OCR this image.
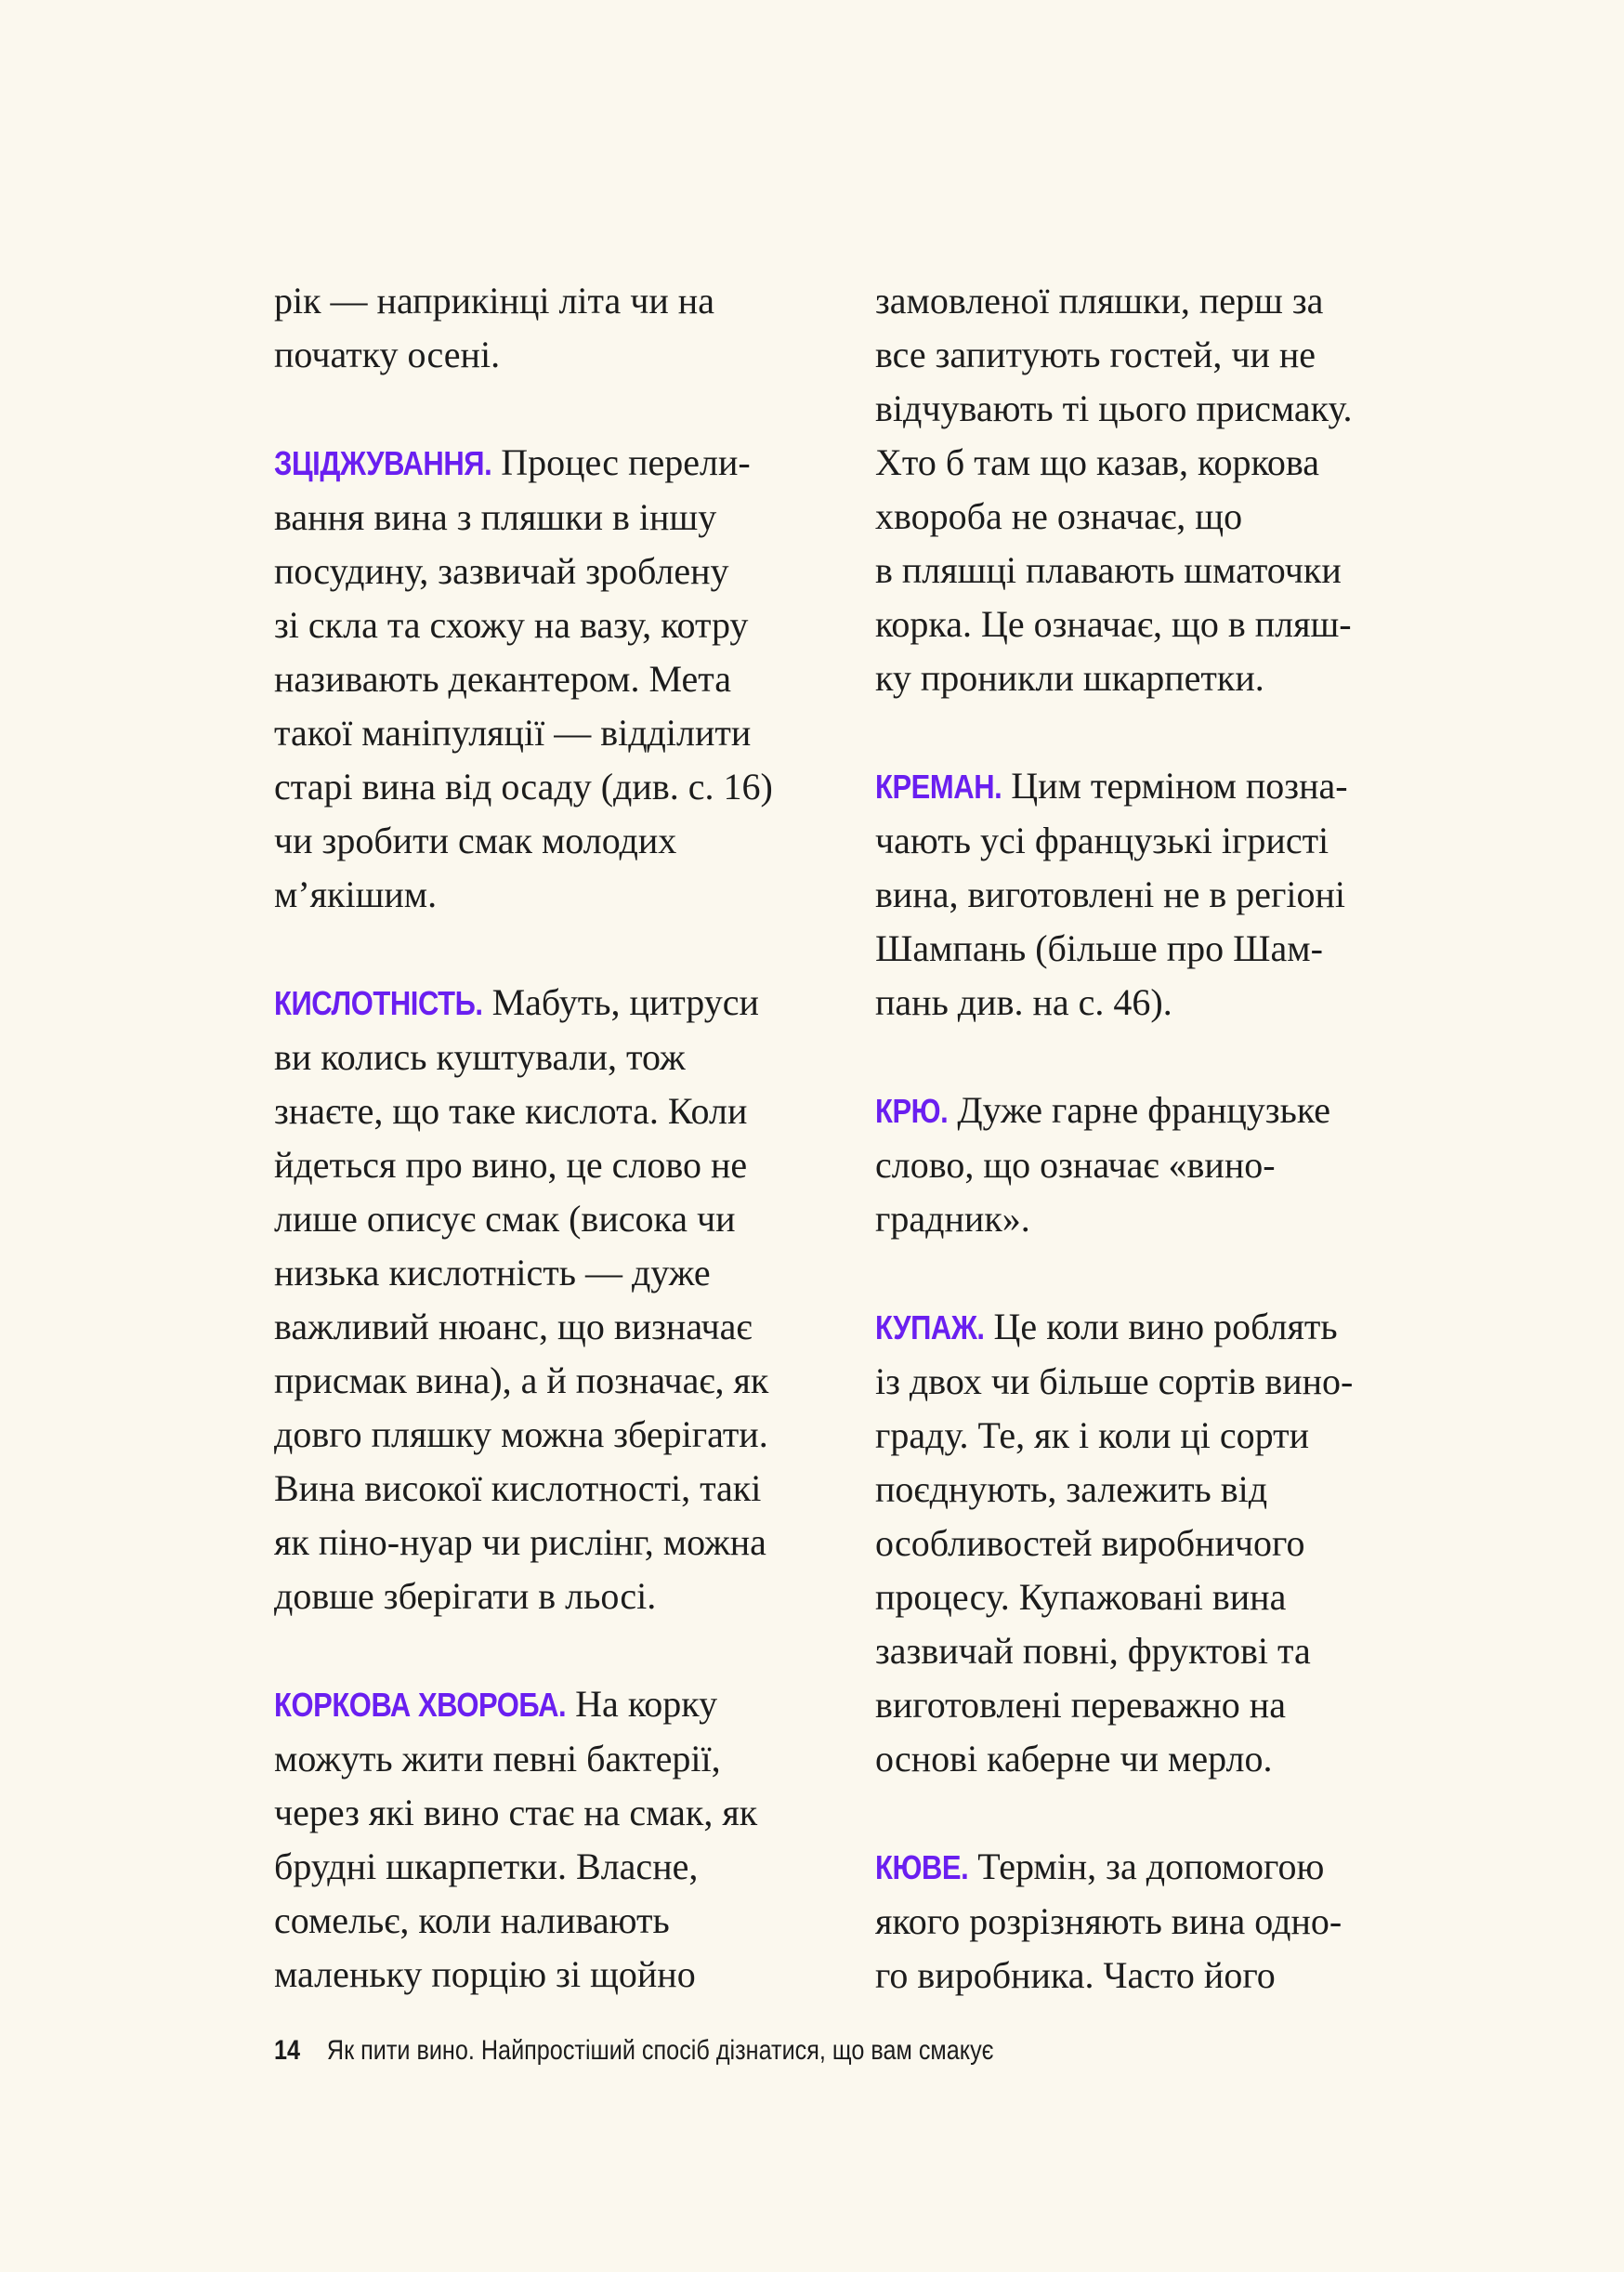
рік — наприкінці літа чи на
початку осені.
ЗЦІДЖУВАННЯ. Процес перели-
вання вина з пляшки в іншу
посудину, зазвичай зроблену
зі скла та схожу на вазу, котру
називають декантером. Мета
такої маніпуляції — відділити
старі вина від осаду (див. с. 16)
чи зробити смак молодих
м’якішим.
КИСЛОТНІСТЬ. Мабуть, цитруси
ви колись куштували, тож
знаєте, що таке кислота. Коли
йдеться про вино, це слово не
лише описує смак (висока чи
низька кислотність — дуже
важливий нюанс, що визначає
присмак вина), а й позначає, як
довго пляшку можна зберігати.
Вина високої кислотності, такі
як піно-нуар чи рислінг, можна
довше зберігати в льосі.
КОРКОВА ХВОРОБА. На корку
можуть жити певні бактерії,
через які вино стає на смак, як
брудні шкарпетки. Власне,
сомельє, коли наливають
маленьку порцію зі щойно
замовленої пляшки, перш за
все запитують гостей, чи не
відчувають ті цього присмаку.
Хто б там що казав, коркова
хвороба не означає, що
в пляшці плавають шматочки
корка. Це означає, що в пляш-
ку проникли шкарпетки.
КРЕМАН. Цим терміном позна-
чають усі французькі ігристі
вина, виготовлені не в регіоні
Шампань (більше про Шам-
пань див. на с. 46).
КРЮ. Дуже гарне французьке
слово, що означає «вино-
градник».
КУПАЖ. Це коли вино роблять
із двох чи більше сортів вино-
граду. Те, як і коли ці сорти
поєднують, залежить від
особливостей виробничого
процесу. Купажовані вина
зазвичай повні, фруктові та
виготовлені переважно на
основі каберне чи мерло.
КЮВЕ. Термін, за допомогою
якого розрізняють вина одно-
го виробника. Часто його
14 Як пити вино. Найпростіший спосіб дізнатися, що вам смакує
